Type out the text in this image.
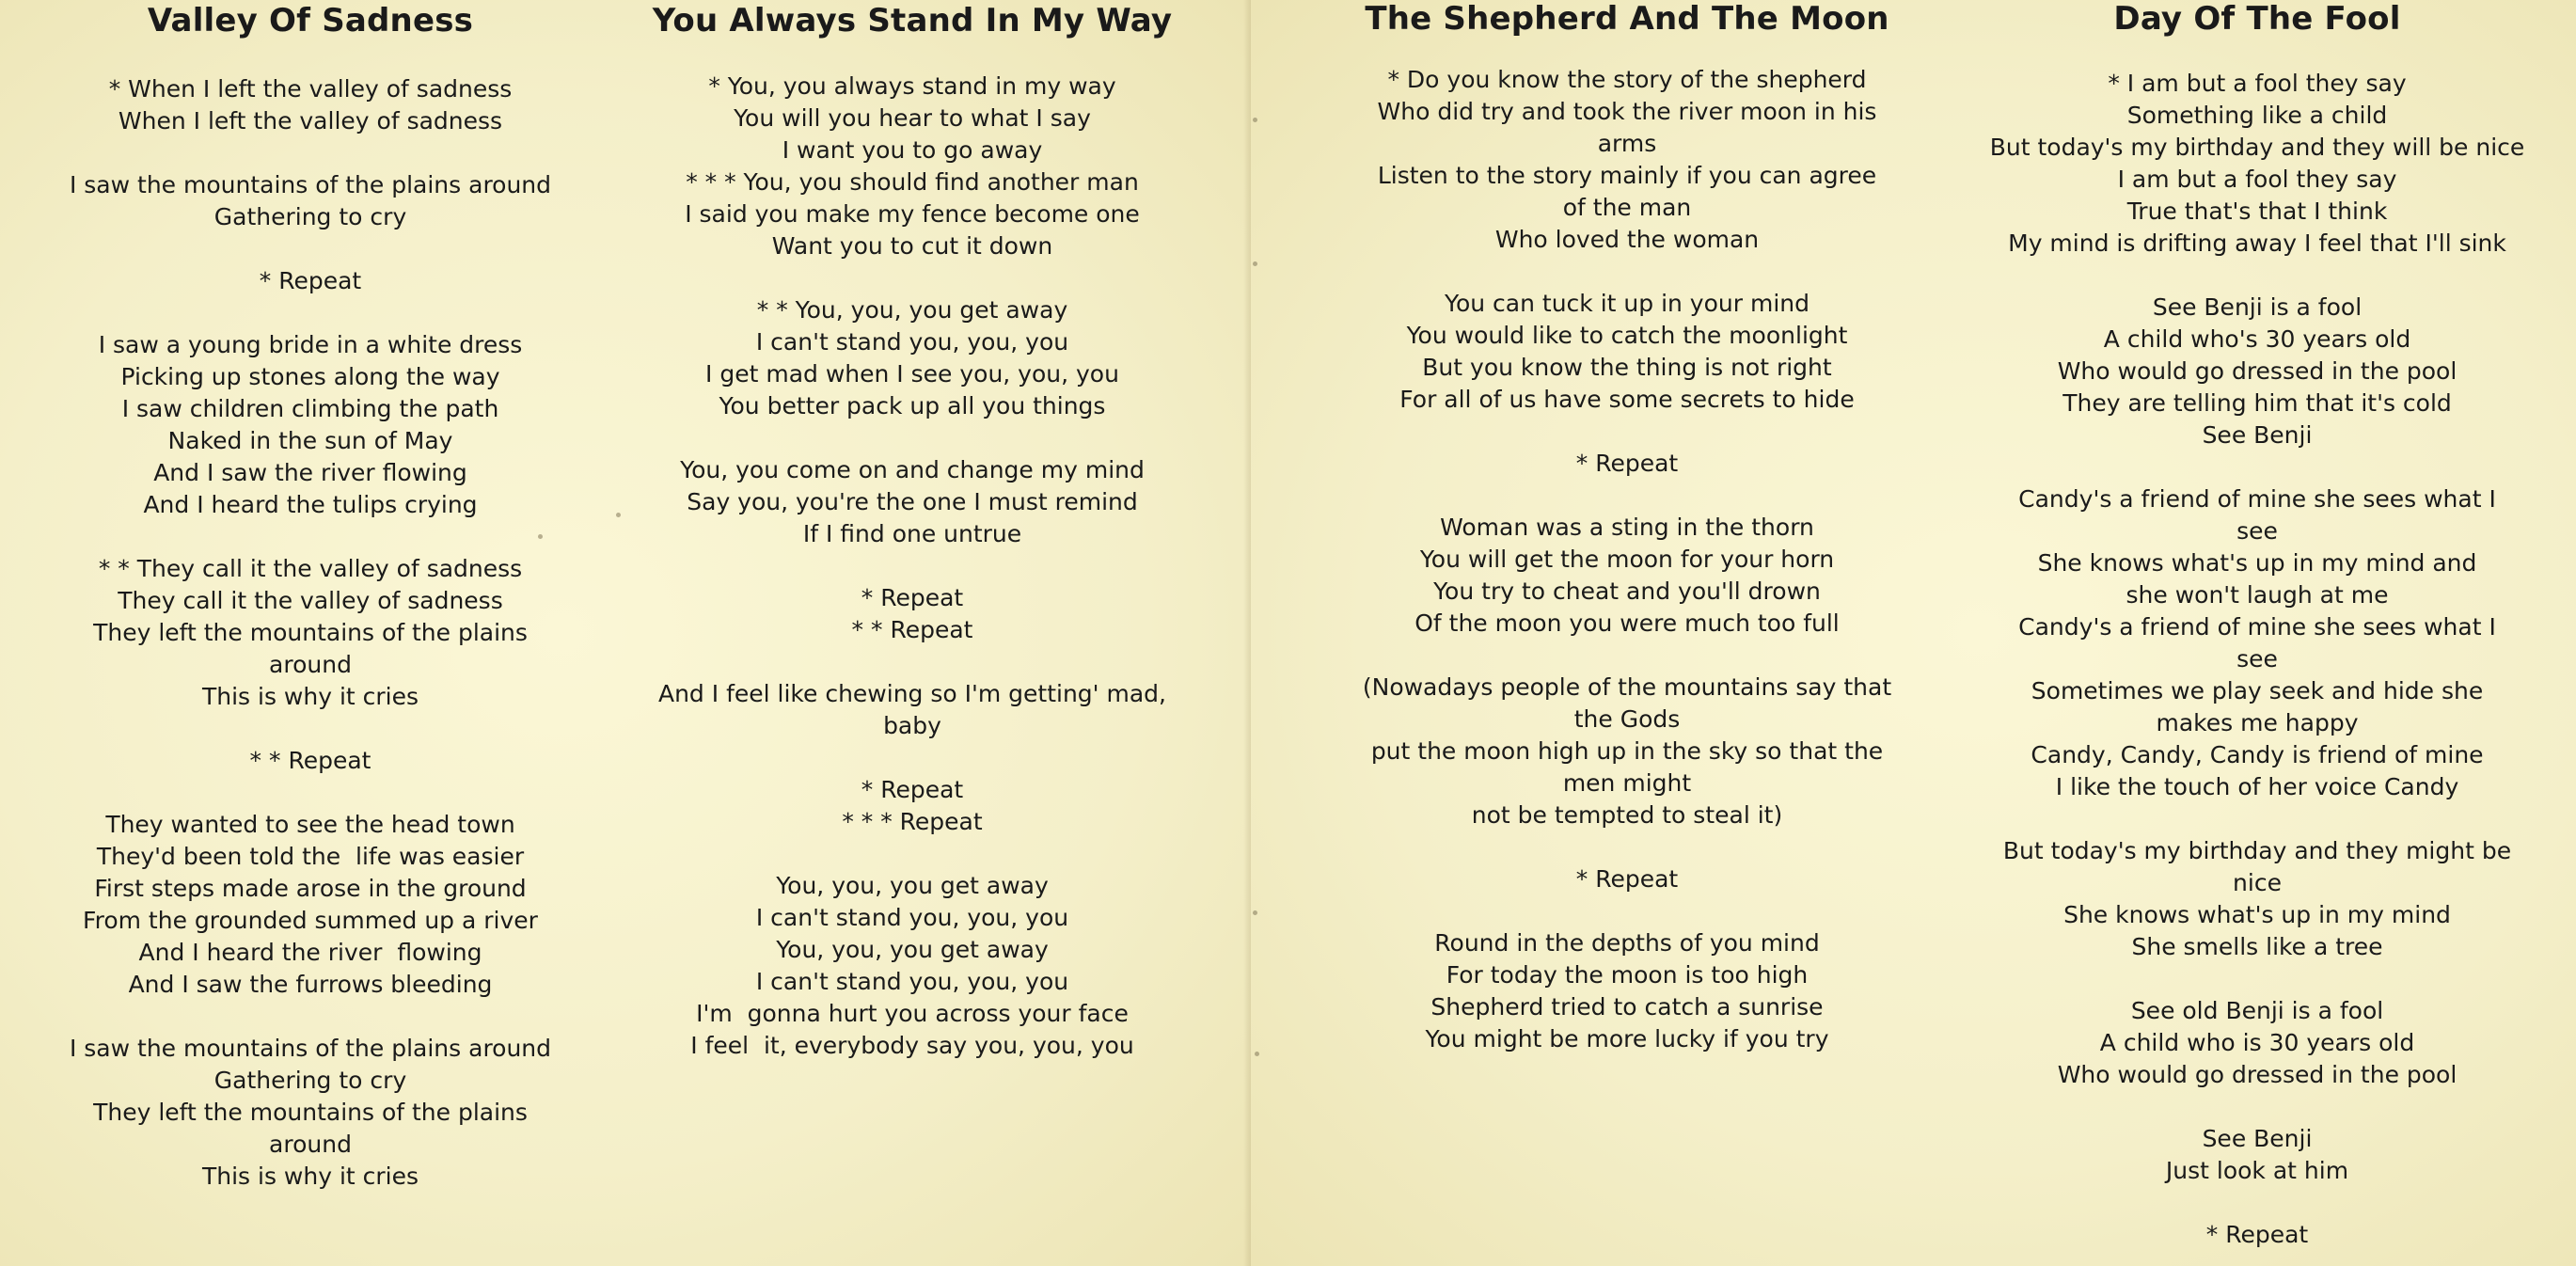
Valley Of Sadness
* When I left the valley of sadness
When I left the valley of sadness
I saw the mountains of the plains around
Gathering to cry
* Repeat
I saw a young bride in a white dress
Picking up stones along the way
I saw children climbing the path
Naked in the sun of May
And I saw the river flowing
And I heard the tulips crying
* * They call it the valley of sadness
They call it the valley of sadness
They left the mountains of the plains
around
This is why it cries
* * Repeat
They wanted to see the head town
They'd been told the  life was easier
First steps made arose in the ground
From the grounded summed up a river
And I heard the river  flowing
And I saw the furrows bleeding
I saw the mountains of the plains around
Gathering to cry
They left the mountains of the plains
around
This is why it cries
You Always Stand In My Way
* You, you always stand in my way
You will you hear to what I say
I want you to go away
* * * You, you should find another man
I said you make my fence become one
Want you to cut it down
* * You, you, you get away
I can't stand you, you, you
I get mad when I see you, you, you
You better pack up all you things
You, you come on and change my mind
Say you, you're the one I must remind
If I find one untrue
* Repeat
* * Repeat
And I feel like chewing so I'm getting' mad,
baby
* Repeat
* * * Repeat
You, you, you get away
I can't stand you, you, you
You, you, you get away
I can't stand you, you, you
I'm  gonna hurt you across your face
I feel  it, everybody say you, you, you
The Shepherd And The Moon
* Do you know the story of the shepherd
Who did try and took the river moon in his
arms
Listen to the story mainly if you can agree
of the man
Who loved the woman
You can tuck it up in your mind
You would like to catch the moonlight
But you know the thing is not right
For all of us have some secrets to hide
* Repeat
Woman was a sting in the thorn
You will get the moon for your horn
You try to cheat and you'll drown
Of the moon you were much too full
(Nowadays people of the mountains say that
the Gods
put the moon high up in the sky so that the
men might
not be tempted to steal it)
* Repeat
Round in the depths of you mind
For today the moon is too high
Shepherd tried to catch a sunrise
You might be more lucky if you try
Day Of The Fool
* I am but a fool they say
Something like a child
But today's my birthday and they will be nice
I am but a fool they say
True that's that I think
My mind is drifting away I feel that I'll sink
See Benji is a fool
A child who's 30 years old
Who would go dressed in the pool
They are telling him that it's cold
See Benji
Candy's a friend of mine she sees what I
see
She knows what's up in my mind and
she won't laugh at me
Candy's a friend of mine she sees what I
see
Sometimes we play seek and hide she
makes me happy
Candy, Candy, Candy is friend of mine
I like the touch of her voice Candy
But today's my birthday and they might be
nice
She knows what's up in my mind
She smells like a tree
See old Benji is a fool
A child who is 30 years old
Who would go dressed in the pool
See Benji
Just look at him
* Repeat
